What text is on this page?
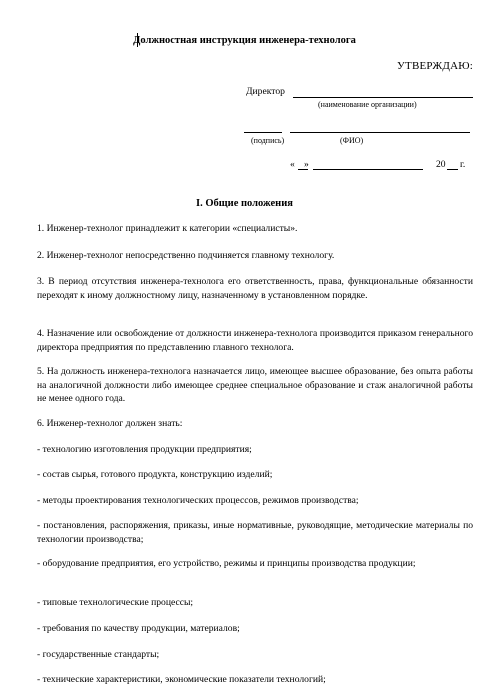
Должностная инструкция инженера-технолога
УТВЕРЖДАЮ:
Директор
(наименование организации)
(подпись)	(ФИО)
« »	20 г.
I. Общие положения
1. Инженер-технолог принадлежит к категории «специалисты».
2. Инженер-технолог непосредственно подчиняется главному технологу.
3. В период отсутствия инженера-технолога его ответственность, права, функциональные обязанности переходят к иному должностному лицу, назначенному в установленном порядке.
4. Назначение или освобождение от должности инженера-технолога производится приказом генерального директора предприятия по представлению главного технолога.
5. На должность инженера-технолога назначается лицо, имеющее высшее образование, без опыта работы на аналогичной должности либо имеющее среднее специальное образование и стаж аналогичной работы не менее одного года.
6. Инженер-технолог должен знать:
- технологию изготовления продукции предприятия;
- состав сырья, готового продукта, конструкцию изделий;
- методы проектирования технологических процессов, режимов производства;
- постановления, распоряжения, приказы, иные нормативные, руководящие, методические материалы по технологии производства;
- оборудование предприятия, его устройство, режимы и принципы производства продукции;
- типовые технологические процессы;
- требования по качеству продукции, материалов;
- государственные стандарты;
- технические характеристики, экономические показатели технологий;
